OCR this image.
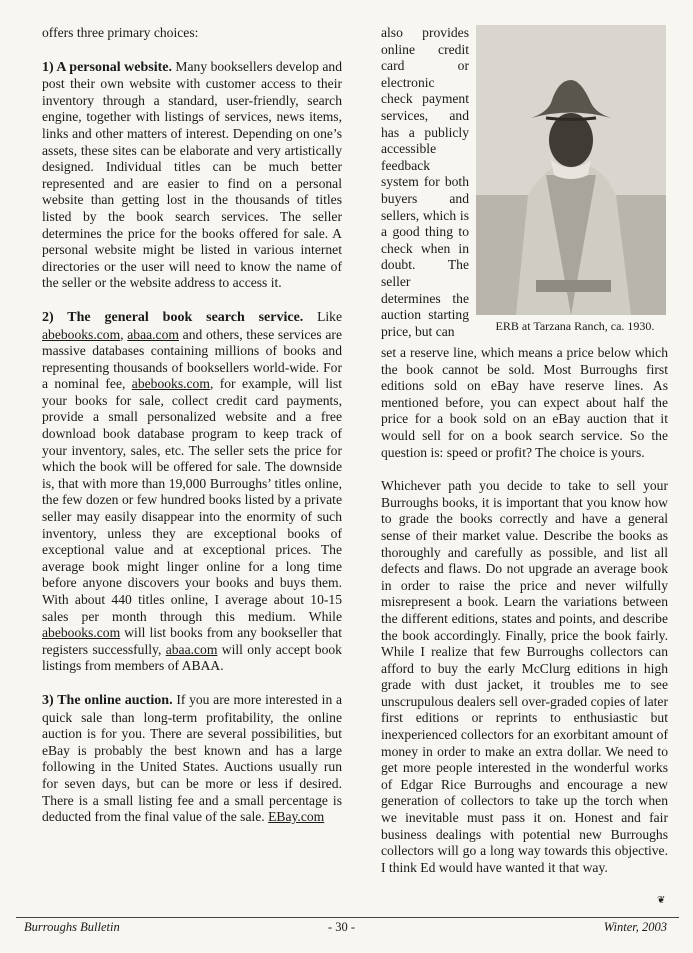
offers three primary choices:

1) A personal website. Many booksellers develop and post their own website with customer access to their inventory through a standard, user-friendly, search engine, together with listings of services, news items, links and other matters of interest. Depending on one’s assets, these sites can be elaborate and very artistically designed. Individual titles can be much better represented and are easier to find on a personal website than getting lost in the thousands of titles listed by the book search services. The seller determines the price for the books offered for sale. A personal website might be listed in various internet directories or the user will need to know the name of the seller or the website address to access it.

2) The general book search service. Like abebooks.com, abaa.com and others, these services are massive databases containing millions of books and representing thousands of booksellers world-wide. For a nominal fee, abebooks.com, for example, will list your books for sale, collect credit card payments, provide a small personalized website and a free download book database program to keep track of your inventory, sales, etc. The seller sets the price for which the book will be offered for sale. The downside is, that with more than 19,000 Burroughs’ titles online, the few dozen or few hundred books listed by a private seller may easily disappear into the enormity of such inventory, unless they are exceptional books of exceptional value and at exceptional prices. The average book might linger online for a long time before anyone discovers your books and buys them. With about 440 titles online, I average about 10-15 sales per month through this medium. While abebooks.com will list books from any bookseller that registers successfully, abaa.com will only accept book listings from members of ABAA.

3) The online auction. If you are more interested in a quick sale than long-term profitability, the online auction is for you. There are several possibilities, but eBay is probably the best known and has a large following in the United States. Auctions usually run for seven days, but can be more or less if desired. There is a small listing fee and a small percentage is deducted from the final value of the sale. EBay.com

also provides online credit card or electronic check payment services, and has a publicly accessible feedback system for both buyers and sellers, which is a good thing to check when in doubt. The seller determines the auction starting price, but can	ERB at Tarzana Ranch, ca. 1930.

set a reserve line, which means a price below which the book cannot be sold. Most Burroughs first editions sold on eBay have reserve lines. As mentioned before, you can expect about half the price for a book sold on an eBay auction that it would sell for on a book search service. So the question is: speed or profit? The choice is yours.

Whichever path you decide to take to sell your Burroughs books, it is important that you know how to grade the books correctly and have a general sense of their market value. Describe the books as thoroughly and carefully as possible, and list all defects and flaws. Do not upgrade an average book in order to raise the price and never wilfully misrepresent a book. Learn the variations between the different editions, states and points, and describe the book accordingly. Finally, price the book fairly. While I realize that few Burroughs collectors can afford to buy the early McClurg editions in high grade with dust jacket, it troubles me to see unscrupulous dealers sell over-graded copies of later first editions or reprints to enthusiastic but inexperienced collectors for an exorbitant amount of money in order to make an extra dollar. We need to get more people interested in the wonderful works of Edgar Rice Burroughs and encourage a new generation of collectors to take up the torch when we inevitable must pass it on. Honest and fair business dealings with potential new Burroughs collectors will go a long way towards this objective. I think Ed would have wanted it that way.

❦
Burroughs Bulletin	- 30 -	Winter, 2003
